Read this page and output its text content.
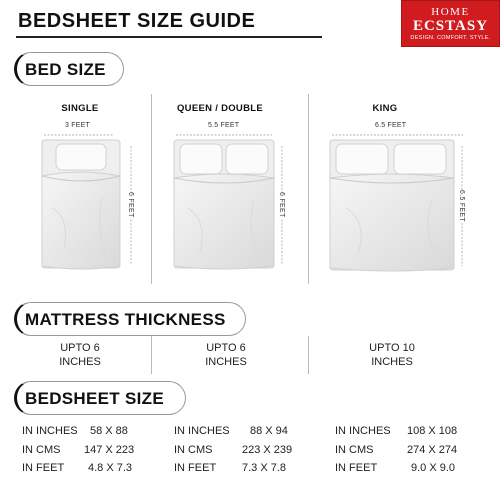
BEDSHEET SIZE GUIDE	HOME
ECSTASY
DESIGN. COMFORT. STYLE.
BED SIZE
SINGLE	QUEEN / DOUBLE	KING
3 FEET	5.5 FEET	6.5 FEET
6 FEET	6 FEET	6.5 FEET
MATTRESS THICKNESS
UPTO 6
INCHES
UPTO 6
INCHES
UPTO 10
INCHES
BEDSHEET SIZE
IN INCHES 58 X 88
IN CMS 147 X 223
IN FEET 4.8 X 7.3
IN INCHES 88 X 94
IN CMS	223 X 239
IN FEET 7.3 X 7.8
IN INCHES 108 X 108
IN CMS	274 X 274
IN FEET	9.0 X 9.0
